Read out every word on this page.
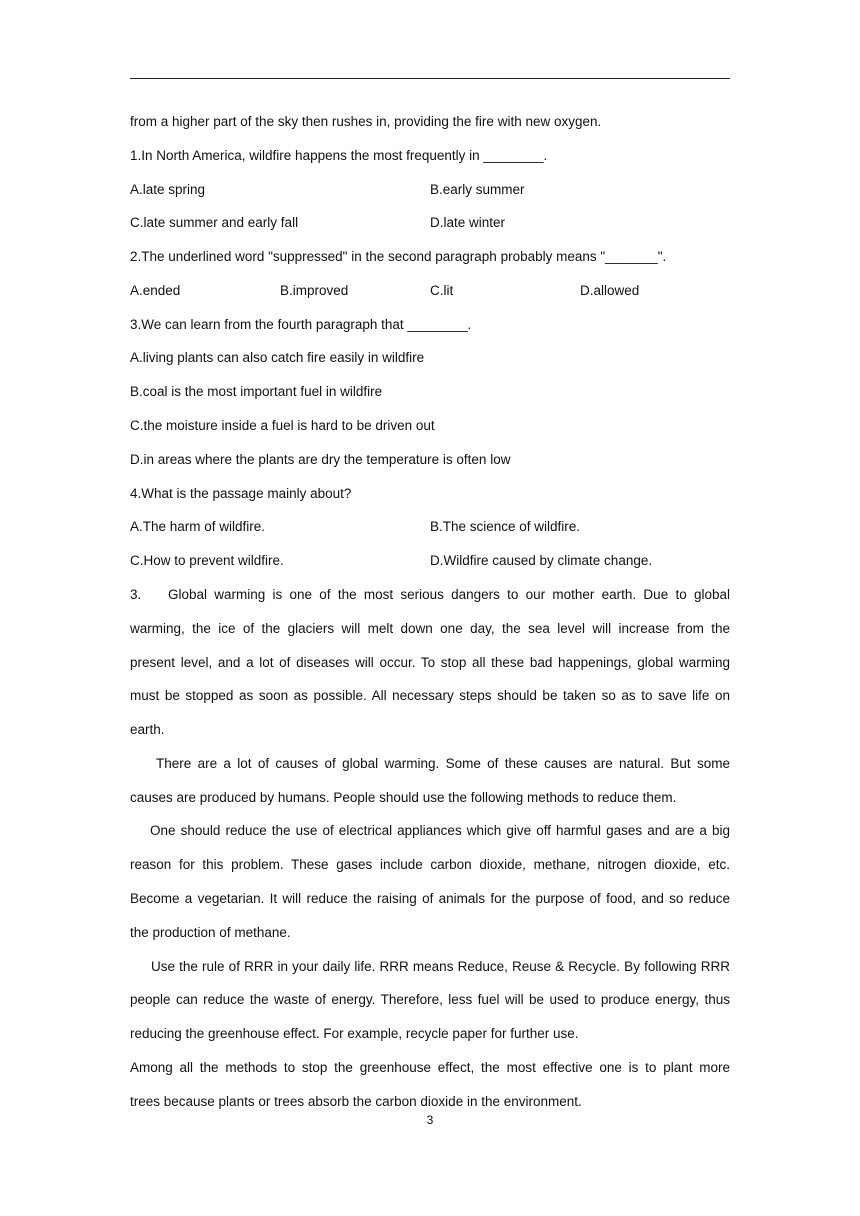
from a higher part of the sky then rushes in, providing the fire with new oxygen.
1.In North America, wildfire happens the most frequently in ________.
A.late spring	B.early summer
C.late summer and early fall	D.late winter
2.The underlined word "suppressed" in the second paragraph probably means "_______".
A.ended	B.improved	C.lit	D.allowed
3.We can learn from the fourth paragraph that ________.
A.living plants can also catch fire easily in wildfire
B.coal is the most important fuel in wildfire
C.the moisture inside a fuel is hard to be driven out
D.in areas where the plants are dry the temperature is often low
4.What is the passage mainly about?
A.The harm of wildfire.	B.The science of wildfire.
C.How to prevent wildfire.	D.Wildfire caused by climate change.
3.	Global warming is one of the most serious dangers to our mother earth. Due to global
warming, the ice of the glaciers will melt down one day, the sea level will increase from the
present level, and a lot of diseases will occur. To stop all these bad happenings, global warming
must be stopped as soon as possible. All necessary steps should be taken so as to save life on
earth.
There are a lot of causes of global warming. Some of these causes are natural. But some
causes are produced by humans. People should use the following methods to reduce them.
One should reduce the use of electrical appliances which give off harmful gases and are a big
reason for this problem. These gases include carbon dioxide, methane, nitrogen dioxide, etc.
Become a vegetarian. It will reduce the raising of animals for the purpose of food, and so reduce
the production of methane.
Use the rule of RRR in your daily life. RRR means Reduce, Reuse & Recycle. By following RRR
people can reduce the waste of energy. Therefore, less fuel will be used to produce energy, thus
reducing the greenhouse effect. For example, recycle paper for further use.
Among all the methods to stop the greenhouse effect, the most effective one is to plant more
trees because plants or trees absorb the carbon dioxide in the environment.
3
